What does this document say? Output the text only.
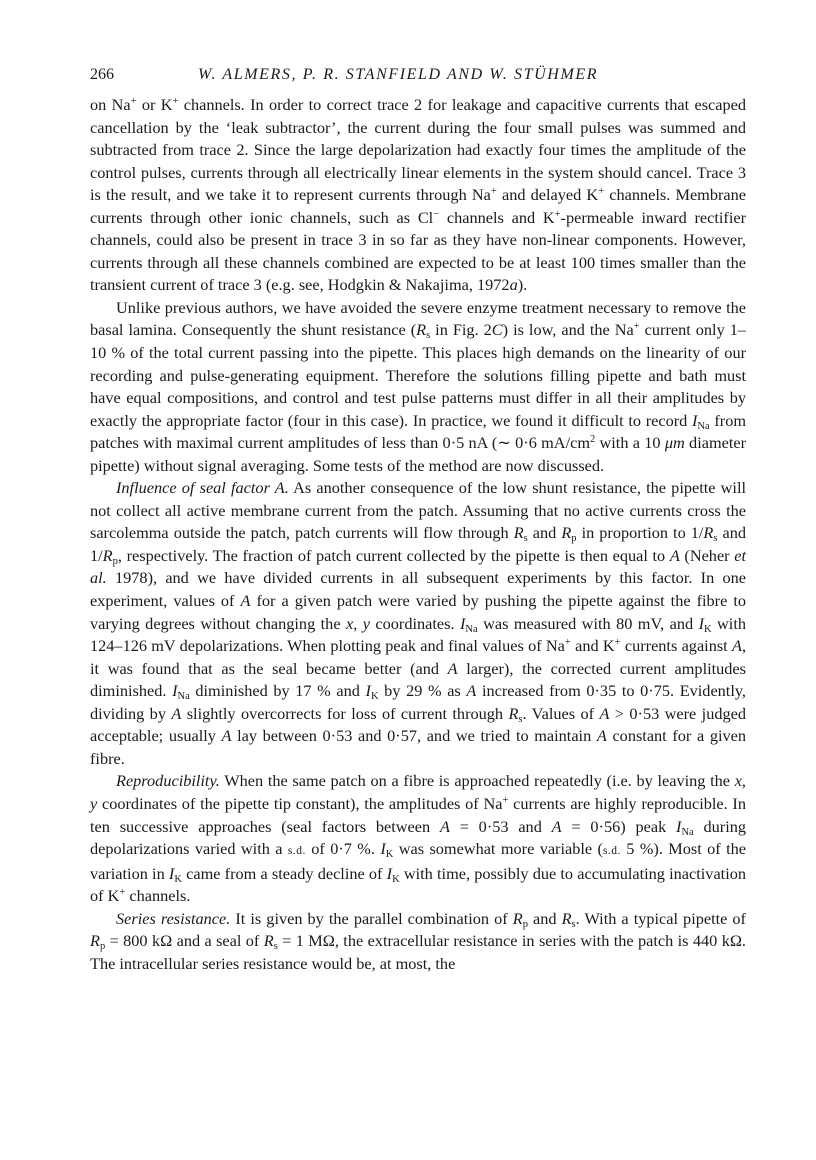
266	W. ALMERS, P. R. STANFIELD AND W. STÜHMER

on Na+ or K+ channels. In order to correct trace 2 for leakage and capacitive currents that escaped cancellation by the ‘leak subtractor’, the current during the four small pulses was summed and subtracted from trace 2. Since the large depolarization had exactly four times the amplitude of the control pulses, currents through all electrically linear elements in the system should cancel. Trace 3 is the result, and we take it to represent currents through Na+ and delayed K+ channels. Membrane currents through other ionic channels, such as Cl− channels and K+-permeable inward rectifier channels, could also be present in trace 3 in so far as they have non-linear components. However, currents through all these channels combined are expected to be at least 100 times smaller than the transient current of trace 3 (e.g. see, Hodgkin & Nakajima, 1972a).

Unlike previous authors, we have avoided the severe enzyme treatment necessary to remove the basal lamina. Consequently the shunt resistance ($R_s$ in Fig. 2C) is low, and the Na+ current only 1–10 % of the total current passing into the pipette. This places high demands on the linearity of our recording and pulse-generating equipment. Therefore the solutions filling pipette and bath must have equal compositions, and control and test pulse patterns must differ in all their amplitudes by exactly the appropriate factor (four in this case). In practice, we found it difficult to record $I_{Na}$ from patches with maximal current amplitudes of less than 0·5 nA (∼ 0·6 $mA/cm^2$ with a 10 μm diameter pipette) without signal averaging. Some tests of the method are now discussed.

Influence of seal factor A. As another consequence of the low shunt resistance, the pipette will not collect all active membrane current from the patch. Assuming that no active currents cross the sarcolemma outside the patch, patch currents will flow through $R_s$ and $R_p$ in proportion to $1/R_s$ and $1/R_p$, respectively. The fraction of patch current collected by the pipette is then equal to A (Neher et al. 1978), and we have divided currents in all subsequent experiments by this factor. In one experiment, values of A for a given patch were varied by pushing the pipette against the fibre to varying degrees without changing the x, y coordinates. $I_{Na}$ was measured with 80 mV, and $I_K$ with 124–126 mV depolarizations. When plotting peak and final values of Na+ and K+ currents against A, it was found that as the seal became better (and A larger), the corrected current amplitudes diminished. $I_{Na}$ diminished by 17 % and $I_K$ by 29 % as A increased from 0·35 to 0·75. Evidently, dividing by A slightly overcorrects for loss of current through $R_s$. Values of A > 0·53 were judged acceptable; usually A lay between 0·53 and 0·57, and we tried to maintain A constant for a given fibre.

Reproducibility. When the same patch on a fibre is approached repeatedly (i.e. by leaving the x, y coordinates of the pipette tip constant), the amplitudes of Na+ currents are highly reproducible. In ten successive approaches (seal factors between A = 0·53 and A = 0·56) peak $I_{Na}$ during depolarizations varied with a s.d. of 0·7 %. $I_K$ was somewhat more variable (s.d. 5 %). Most of the variation in $I_K$ came from a steady decline of $I_K$ with time, possibly due to accumulating inactivation of K+ channels.

Series resistance. It is given by the parallel combination of $R_p$ and $R_s$. With a typical pipette of $R_p = 800$ kΩ and a seal of $R_s = 1$ MΩ, the extracellular resistance in series with the patch is 440 kΩ. The intracellular series resistance would be, at most, the
